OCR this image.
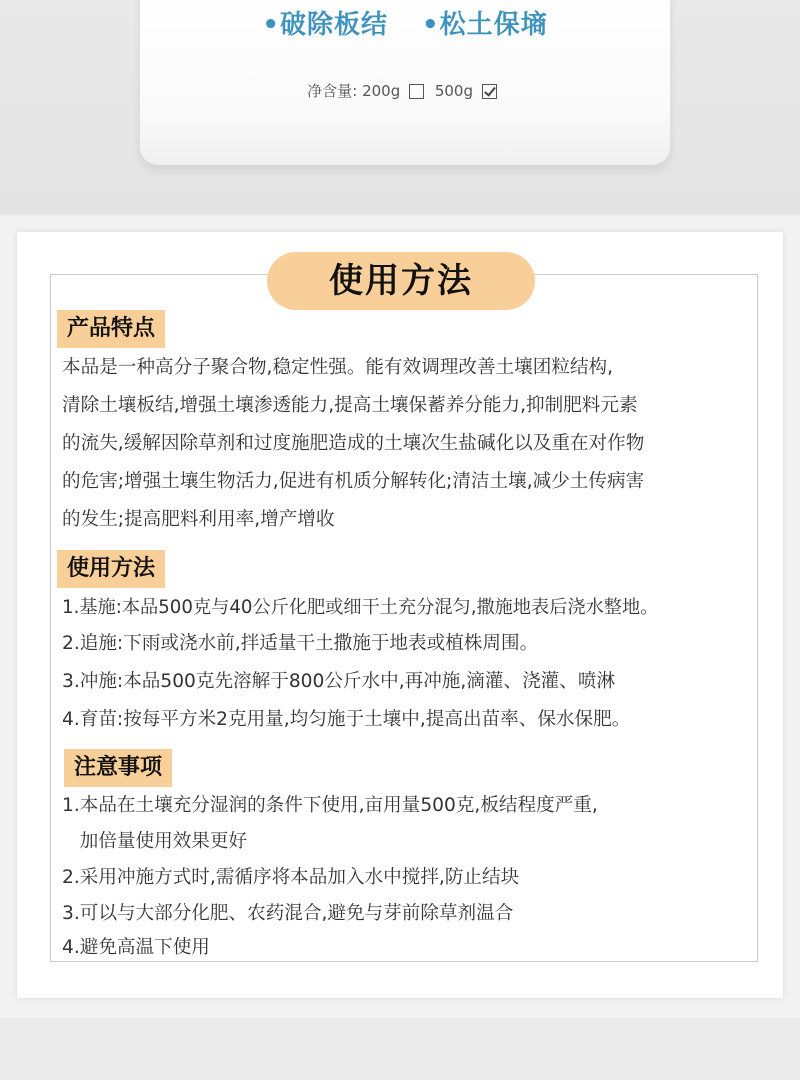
•破除板结 •松土保墒
净含量: 200g 500g
使用方法
产品特点
本品是一种高分子聚合物,稳定性强。能有效调理改善土壤团粒结构,
清除土壤板结,增强土壤渗透能力,提高土壤保蓄养分能力,抑制肥料元素
的流失,缓解因除草剂和过度施肥造成的土壤次生盐碱化以及重在对作物
的危害;增强土壤生物活力,促进有机质分解转化;清洁土壤,减少土传病害
的发生;提高肥料利用率,增产增收
使用方法
1.基施:本品500克与40公斤化肥或细干土充分混匀,撒施地表后浇水整地。
2.追施:下雨或浇水前,拌适量干土撒施于地表或植株周围。
3.冲施:本品500克先溶解于800公斤水中,再冲施,滴灌、浇灌、喷淋
4.育苗:按每平方米2克用量,均匀施于土壤中,提高出苗率、保水保肥。
注意事项
1.本品在土壤充分湿润的条件下使用,亩用量500克,板结程度严重,
加倍量使用效果更好
2.采用冲施方式时,需循序将本品加入水中搅拌,防止结块
3.可以与大部分化肥、农药混合,避免与芽前除草剂温合
4.避免高温下使用
